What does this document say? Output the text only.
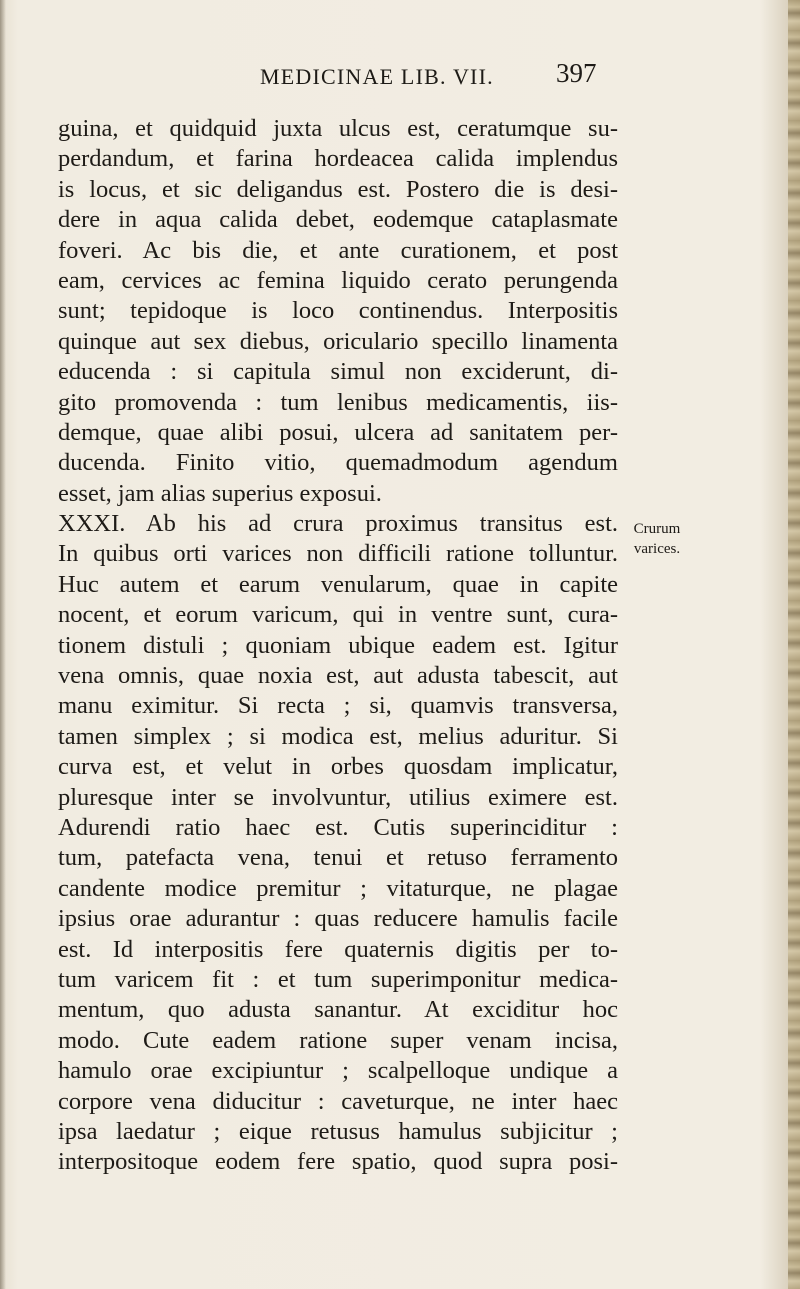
MEDICINAE LIB. VII. 397
guina, et quidquid juxta ulcus est, ceratumque su-
perdandum, et farina hordeacea calida implendus
is locus, et sic deligandus est. Postero die is desi-
dere in aqua calida debet, eodemque cataplasmate
foveri. Ac bis die, et ante curationem, et post
eam, cervices ac femina liquido cerato perungenda
sunt; tepidoque is loco continendus. Interpositis
quinque aut sex diebus, oriculario specillo linamenta
educenda : si capitula simul non exciderunt, di-
gito promovenda : tum lenibus medicamentis, iis-
demque, quae alibi posui, ulcera ad sanitatem per-
ducenda. Finito vitio, quemadmodum agendum
esset, jam alias superius exposui.
XXXI. Ab his ad crura proximus transitus est.
In quibus orti varices non difficili ratione tolluntur.
Huc autem et earum venularum, quae in capite
nocent, et eorum varicum, qui in ventre sunt, cura-
tionem distuli ; quoniam ubique eadem est. Igitur
vena omnis, quae noxia est, aut adusta tabescit, aut
manu eximitur. Si recta ; si, quamvis transversa,
tamen simplex ; si modica est, melius aduritur. Si
curva est, et velut in orbes quosdam implicatur,
pluresque inter se involvuntur, utilius eximere est.
Adurendi ratio haec est. Cutis superinciditur :
tum, patefacta vena, tenui et retuso ferramento
candente modice premitur ; vitaturque, ne plagae
ipsius orae adurantur : quas reducere hamulis facile
est. Id interpositis fere quaternis digitis per to-
tum varicem fit : et tum superimponitur medica-
mentum, quo adusta sanantur. At exciditur hoc
modo. Cute eadem ratione super venam incisa,
hamulo orae excipiuntur ; scalpelloque undique a
corpore vena diducitur : caveturque, ne inter haec
ipsa laedatur ; eique retusus hamulus subjicitur ;
interpositoque eodem fere spatio, quod supra posi-
Crurum
varices.
